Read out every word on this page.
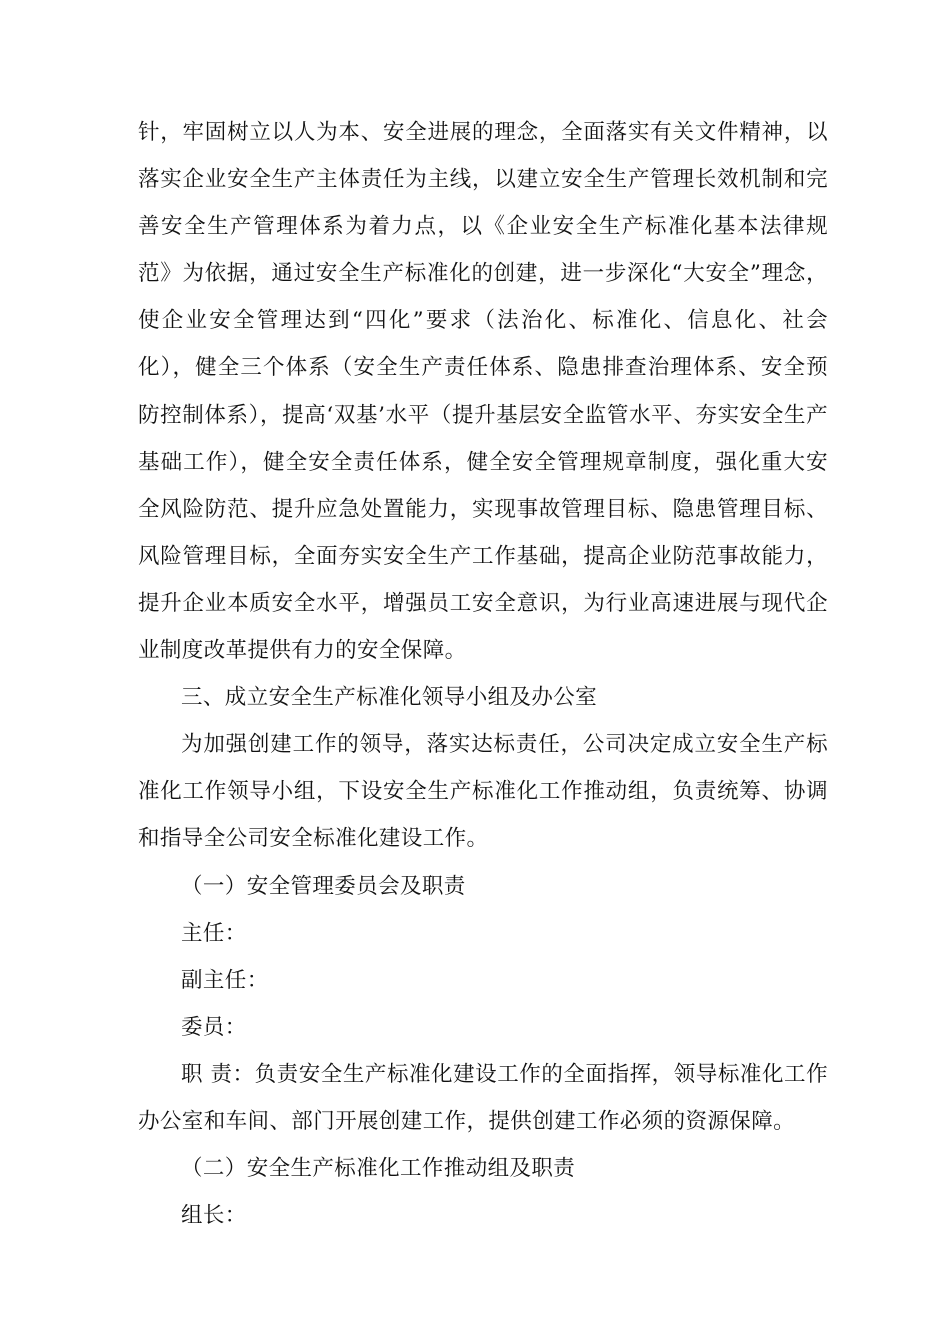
针，牢固树立以人为本、安全进展的理念，全面落实有关文件精神，以落实企业安全生产主体责任为主线，以建立安全生产管理长效机制和完善安全生产管理体系为着力点，以《企业安全生产标准化基本法律规范》为依据，通过安全生产标准化的创建，进一步深化“大安全”理念，使企业安全管理达到“四化”要求（法治化、标准化、信息化、社会化），健全三个体系（安全生产责任体系、隐患排查治理体系、安全预防控制体系），提高‘双基’水平（提升基层安全监管水平、夯实安全生产基础工作），健全安全责任体系，健全安全管理规章制度，强化重大安全风险防范、提升应急处置能力，实现事故管理目标、隐患管理目标、风险管理目标，全面夯实安全生产工作基础，提高企业防范事故能力，提升企业本质安全水平，增强员工安全意识，为行业高速进展与现代企业制度改革提供有力的安全保障。

三、成立安全生产标准化领导小组及办公室

为加强创建工作的领导，落实达标责任，公司决定成立安全生产标准化工作领导小组，下设安全生产标准化工作推动组，负责统筹、协调和指导全公司安全标准化建设工作。

（一）安全管理委员会及职责

主任：

副主任：

委员：

职 责：负责安全生产标准化建设工作的全面指挥，领导标准化工作办公室和车间、部门开展创建工作，提供创建工作必须的资源保障。

（二）安全生产标准化工作推动组及职责

组长：
